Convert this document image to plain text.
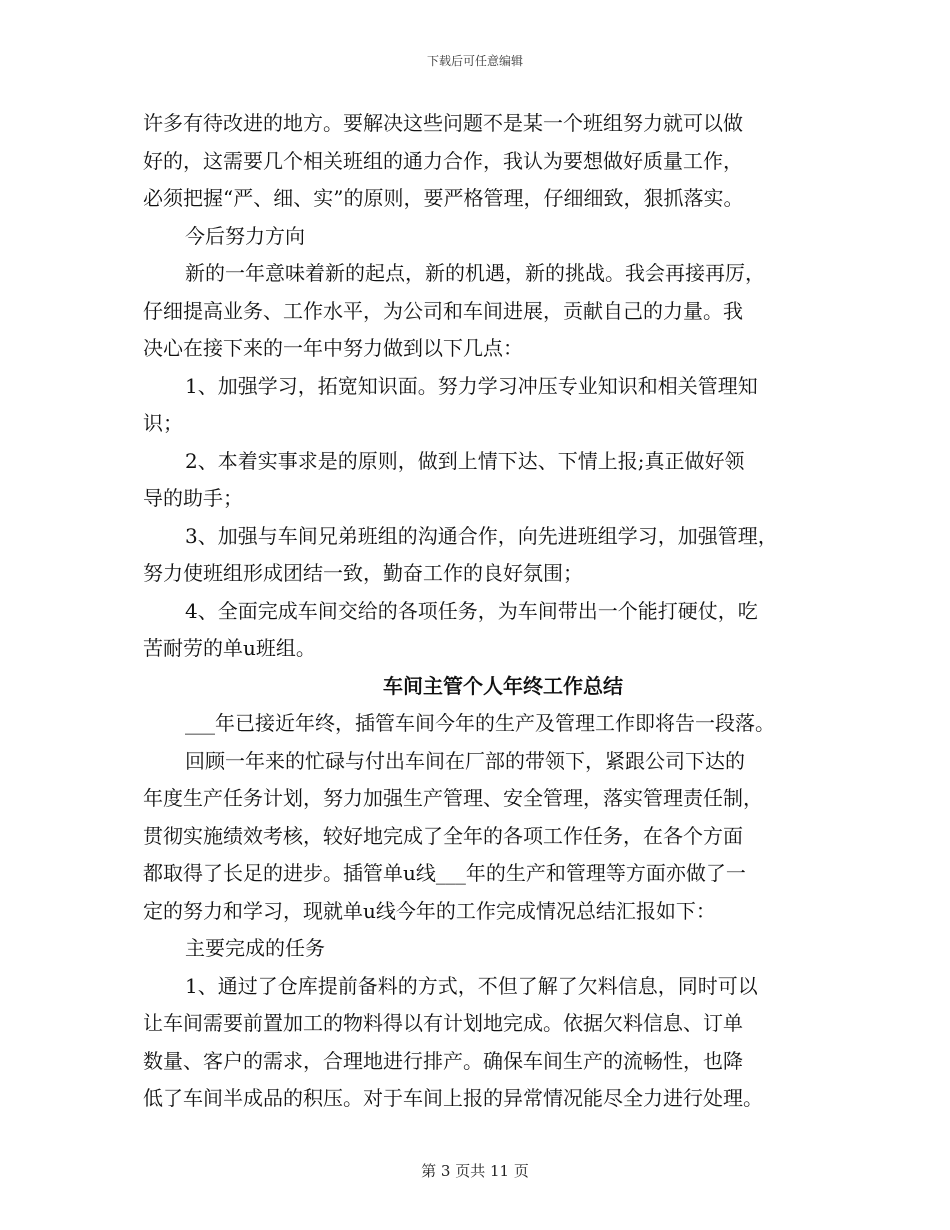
下载后可任意编辑
许多有待改进的地方。要解决这些问题不是某一个班组努力就可以做
好的，这需要几个相关班组的通力合作，我认为要想做好质量工作，
必须把握“严、细、实”的原则，要严格管理，仔细细致，狠抓落实。
今后努力方向
新的一年意味着新的起点，新的机遇，新的挑战。我会再接再厉，
仔细提高业务、工作水平，为公司和车间进展，贡献自己的力量。我
决心在接下来的一年中努力做到以下几点：
1、加强学习，拓宽知识面。努力学习冲压专业知识和相关管理知
识；
2、本着实事求是的原则，做到上情下达、下情上报;真正做好领
导的助手；
3、加强与车间兄弟班组的沟通合作，向先进班组学习，加强管理，
努力使班组形成团结一致，勤奋工作的良好氛围；
4、全面完成车间交给的各项任务，为车间带出一个能打硬仗，吃
苦耐劳的单u班组。
车间主管个人年终工作总结
___年已接近年终，插管车间今年的生产及管理工作即将告一段落。
回顾一年来的忙碌与付出车间在厂部的带领下，紧跟公司下达的
年度生产任务计划，努力加强生产管理、安全管理，落实管理责任制，
贯彻实施绩效考核，较好地完成了全年的各项工作任务，在各个方面
都取得了长足的进步。插管单u线___年的生产和管理等方面亦做了一
定的努力和学习，现就单u线今年的工作完成情况总结汇报如下：
主要完成的任务
1、通过了仓库提前备料的方式，不但了解了欠料信息，同时可以
让车间需要前置加工的物料得以有计划地完成。依据欠料信息、订单
数量、客户的需求，合理地进行排产。确保车间生产的流畅性，也降
低了车间半成品的积压。对于车间上报的异常情况能尽全力进行处理。
第 3 页共 11 页
